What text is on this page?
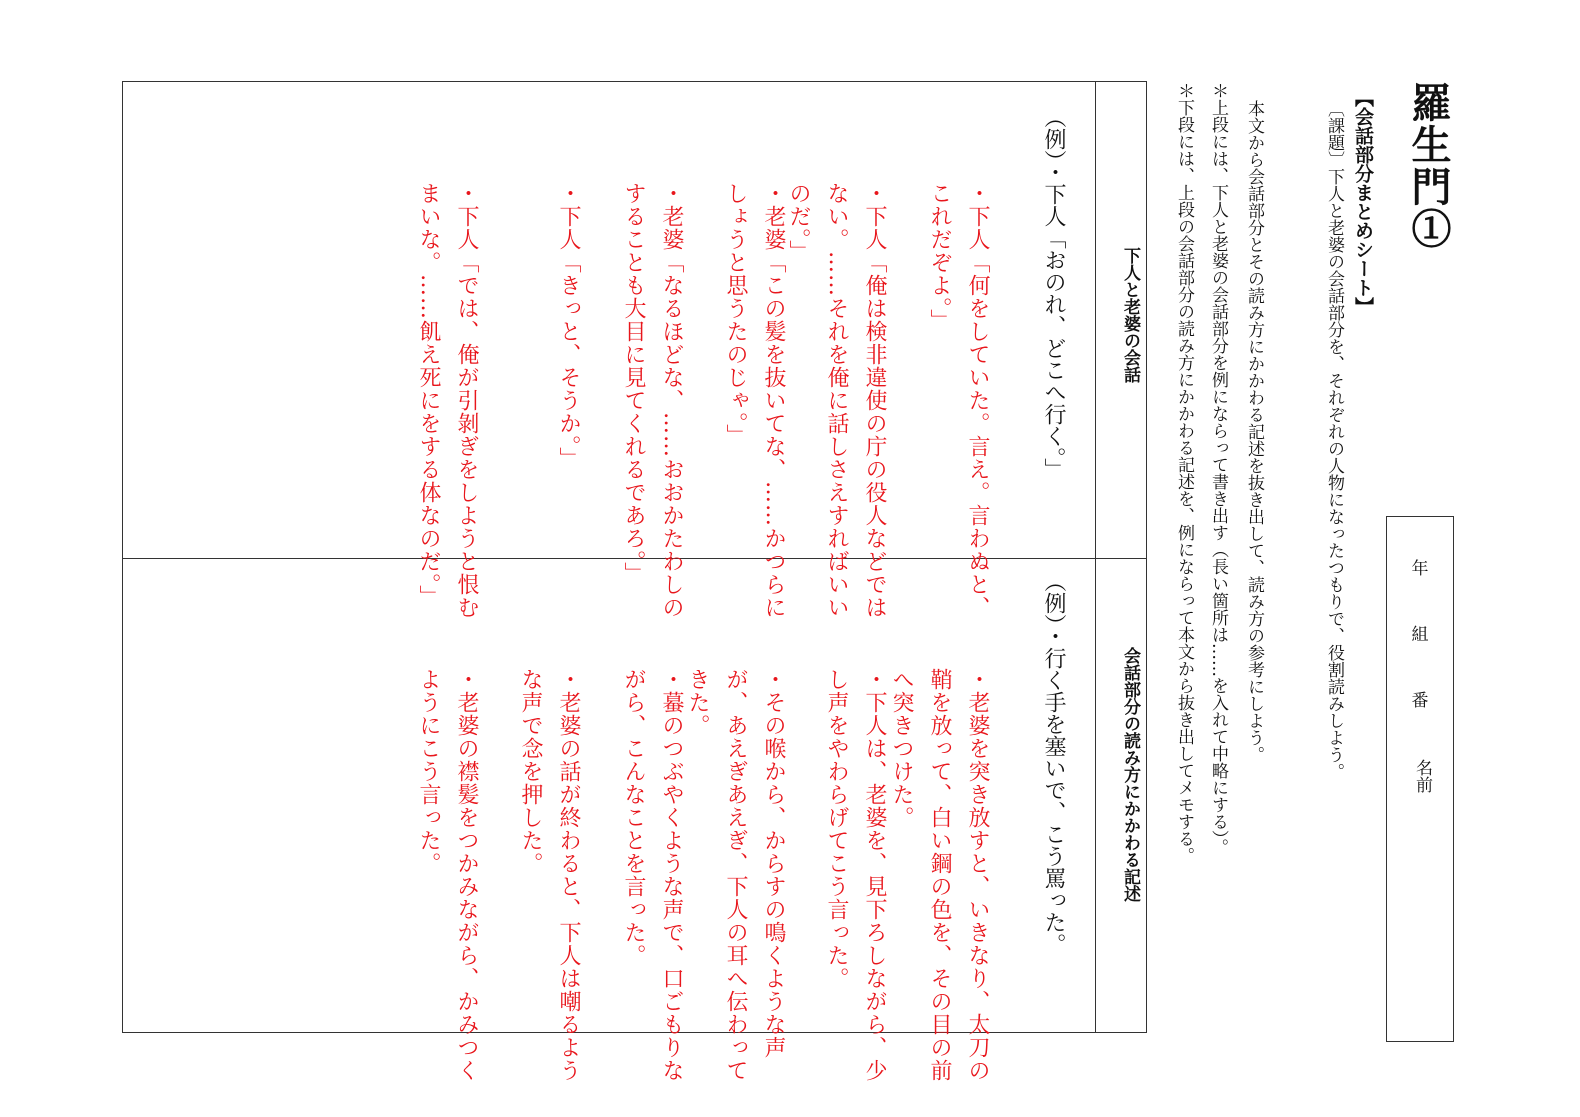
羅生門①
【会話部分まとめシート】
〔課題〕下人と老婆の会話部分を、それぞれの人物になったつもりで、役割読みしよう。
本文から会話部分とその読み方にかかわる記述を抜き出して、読み方の参考にしよう。
＊上段には、下人と老婆の会話部分を例にならって書き出す（長い箇所は……を入れて中略にする）。
＊下段には、上段の会話部分の読み方にかかわる記述を、例にならって本文から抜き出してメモする。	年
組
番
名前
下人と老婆の会話
（例）・下人「おのれ、どこへ行く。」
・下人「何をしていた。言え。言わぬと、これだぞよ。」
・下人「俺は検非違使の庁の役人などではない。……それを俺に話しさえすればいいのだ。」
・老婆「この髪を抜いてな、……かつらにしょうと思うたのじゃ。」
・老婆「なるほどな、……おおかたわしのすることも大目に見てくれるであろ。」
・下人「きっと、そうか。」
・下人「では、俺が引剝ぎをしようと恨むまいな。……飢え死にをする体なのだ。」
会話部分の読み方にかかわる記述
（例）・行く手を塞いで、こう罵った。
・老婆を突き放すと、いきなり、太刀の鞘を放って、白い鋼の色を、その目の前へ突きつけた。
・下人は、老婆を、見下ろしながら、少し声をやわらげてこう言った。
・その喉から、からすの鳴くような声が、あえぎあえぎ、下人の耳へ伝わってきた。
・蟇のつぶやくような声で、口ごもりながら、こんなことを言った。
・老婆の話が終わると、下人は嘲るような声で念を押した。
・老婆の襟髪をつかみながら、かみつくようにこう言った。
